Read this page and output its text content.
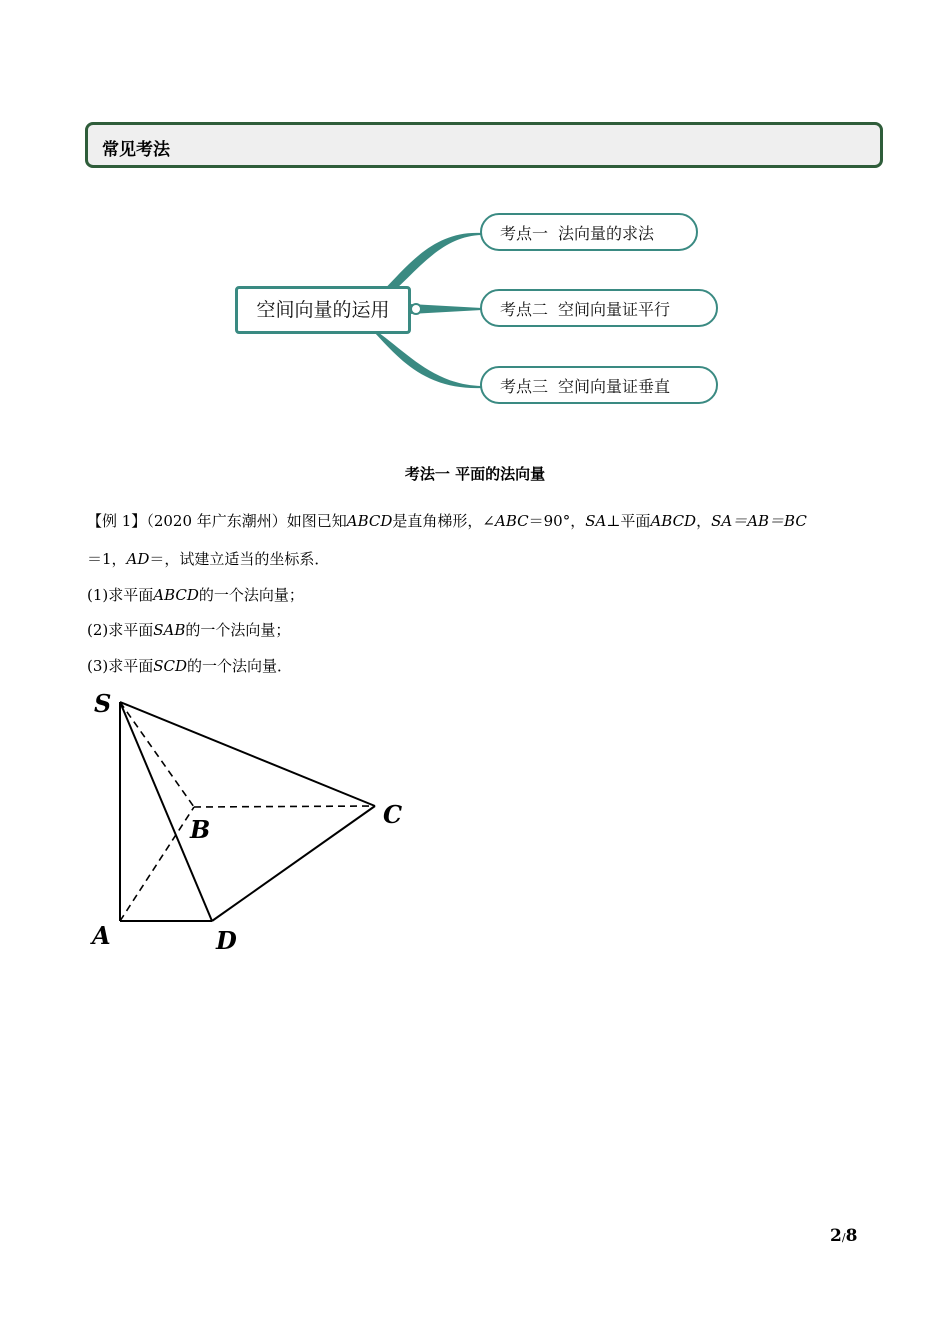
常见考法
空间向量的运用
考点一 法向量的求法
考点二 空间向量证平行
考点三 空间向量证垂直
考法一 平面的法向量
【例 1】（2020 年广东潮州）如图已知ABCD是直角梯形，∠ABC＝90°，SA⊥平面ABCD，SA＝AB＝BC
＝1，AD＝，试建立适当的坐标系．
(1)求平面ABCD的一个法向量；
(2)求平面SAB的一个法向量；
(3)求平面SCD的一个法向量．
S
B
C
A	D
2/8
